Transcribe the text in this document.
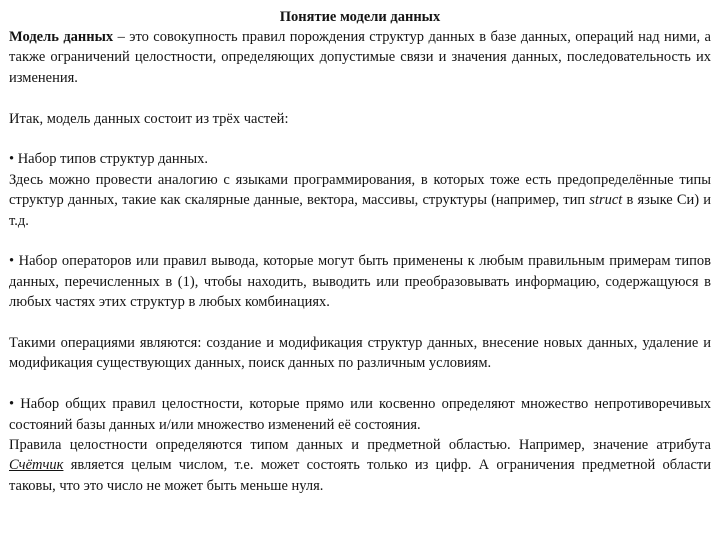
Понятие модели данных

Модель данных – это совокупность правил порождения структур данных в базе данных, операций над ними, а также ограничений целостности, определяющих допустимые связи и значения данных, последовательность их изменения.

Итак, модель данных состоит из трёх частей:

• Набор типов структур данных.

Здесь можно провести аналогию с языками программирования, в которых тоже есть предопределённые типы структур данных, такие как скалярные данные, вектора, массивы, структуры (например, тип struct в языке Си) и т.д.

• Набор операторов или правил вывода, которые могут быть применены к любым правильным примерам типов данных, перечисленных в (1), чтобы находить, выводить или преобразовывать информацию, содержащуюся в любых частях этих структур в любых комбинациях.

Такими операциями являются: создание и модификация структур данных, внесение новых данных, удаление и модификация существующих данных, поиск данных по различным условиям.

• Набор общих правил целостности, которые прямо или косвенно определяют множество непротиворечивых состояний базы данных и/или множество изменений её состояния.

Правила целостности определяются типом данных и предметной областью. Например, значение атрибута Счётчик является целым числом, т.е. может состоять только из цифр. А ограничения предметной области таковы, что это число не может быть меньше нуля.
